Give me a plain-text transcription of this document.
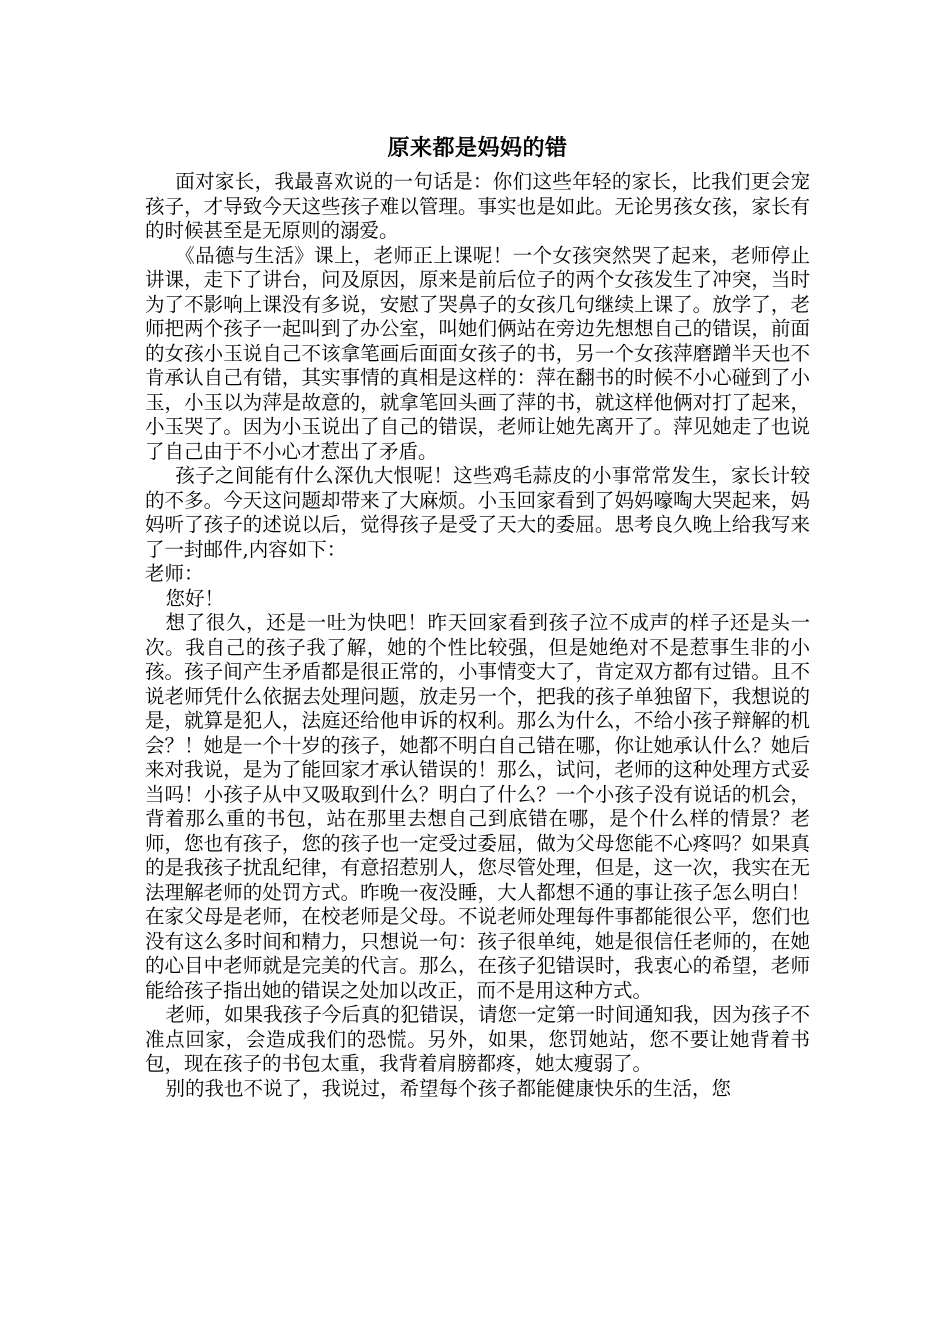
原来都是妈妈的错

面对家长，我最喜欢说的一句话是：你们这些年轻的家长，比我们更会宠孩子，才导致今天这些孩子难以管理。事实也是如此。无论男孩女孩，家长有的时候甚至是无原则的溺爱。

《品德与生活》课上，老师正上课呢！一个女孩突然哭了起来，老师停止讲课，走下了讲台，问及原因，原来是前后位子的两个女孩发生了冲突，当时为了不影响上课没有多说，安慰了哭鼻子的女孩几句继续上课了。放学了，老师把两个孩子一起叫到了办公室，叫她们俩站在旁边先想想自己的错误，前面的女孩小玉说自己不该拿笔画后面面女孩子的书，另一个女孩萍磨蹭半天也不肯承认自己有错，其实事情的真相是这样的：萍在翻书的时候不小心碰到了小玉，小玉以为萍是故意的，就拿笔回头画了萍的书，就这样他俩对打了起来，小玉哭了。因为小玉说出了自己的错误，老师让她先离开了。萍见她走了也说了自己由于不小心才惹出了矛盾。

孩子之间能有什么深仇大恨呢！这些鸡毛蒜皮的小事常常发生，家长计较的不多。今天这问题却带来了大麻烦。小玉回家看到了妈妈嚎啕大哭起来，妈妈听了孩子的述说以后，觉得孩子是受了天大的委屈。思考良久晚上给我写来了一封邮件,内容如下：

老师：

您好！

想了很久，还是一吐为快吧！昨天回家看到孩子泣不成声的样子还是头一次。我自己的孩子我了解，她的个性比较强，但是她绝对不是惹事生非的小孩。孩子间产生矛盾都是很正常的，小事情变大了，肯定双方都有过错。且不说老师凭什么依据去处理问题，放走另一个，把我的孩子单独留下，我想说的是，就算是犯人，法庭还给他申诉的权利。那么为什么，不给小孩子辩解的机会？！她是一个十岁的孩子，她都不明白自己错在哪，你让她承认什么？她后来对我说，是为了能回家才承认错误的！那么，试问，老师的这种处理方式妥当吗！小孩子从中又吸取到什么？明白了什么？一个小孩子没有说话的机会，背着那么重的书包，站在那里去想自己到底错在哪，是个什么样的情景？老师，您也有孩子，您的孩子也一定受过委屈，做为父母您能不心疼吗？如果真的是我孩子扰乱纪律，有意招惹别人，您尽管处理，但是，这一次，我实在无法理解老师的处罚方式。昨晚一夜没睡，大人都想不通的事让孩子怎么明白！在家父母是老师，在校老师是父母。不说老师处理每件事都能很公平，您们也没有这么多时间和精力，只想说一句：孩子很单纯，她是很信任老师的，在她的心目中老师就是完美的代言。那么，在孩子犯错误时，我衷心的希望，老师能给孩子指出她的错误之处加以改正，而不是用这种方式。

老师，如果我孩子今后真的犯错误，请您一定第一时间通知我，因为孩子不准点回家，会造成我们的恐慌。另外，如果，您罚她站，您不要让她背着书包，现在孩子的书包太重，我背着肩膀都疼，她太瘦弱了。

别的我也不说了，我说过，希望每个孩子都能健康快乐的生活，您
